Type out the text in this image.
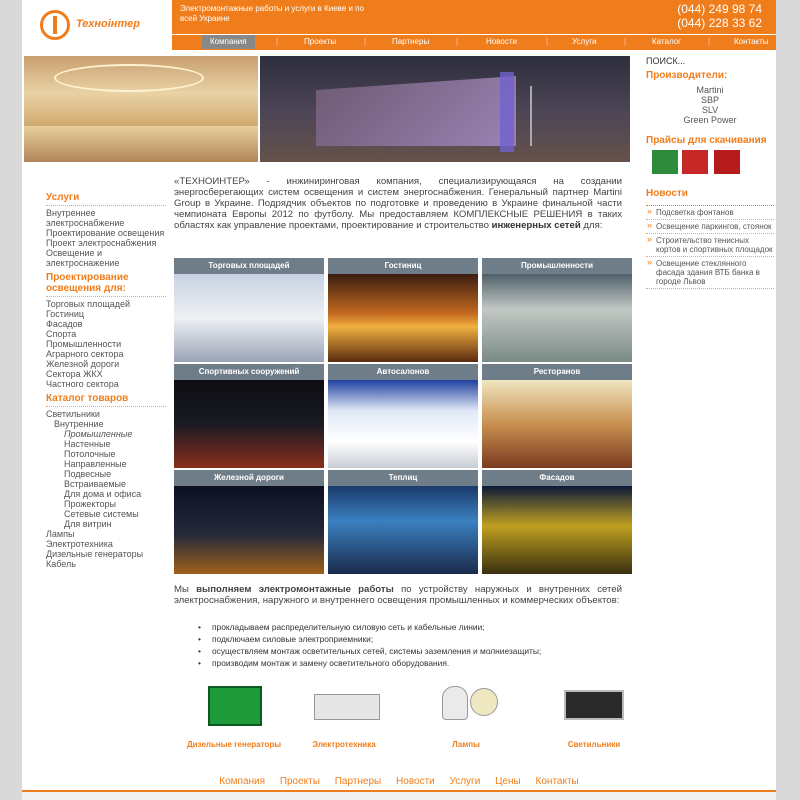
Техноінтер
Электромонтажные работы и услуги в Киеве и по всей Украине
(044) 249 98 74
(044) 228 33 62
Компания	|	Проекты	|	Партнеры	|	Новости	|	Услуги	|	Каталог	|	Контакты
ПОИСК...
Производители:
Martini
SBP
SLV
Green Power
Прайсы для скачивания
Новости
» Подсветка фонтанов
» Освещение паркингов, стоянок
» Строительство тенисных кортов и спортивных площадок
» Освещение стеклянного фасада здания ВТБ банка в городе Львов
Услуги
Внутреннее электроснабжение
Проектирование освещения
Проект электроснабжения
Освещение и электроснажение
Проектирование освещения для:
Торговых площадей
Гостиниц
Фасадов
Спорта
Промышленности
Аграрного сектора
Железной дороги
Сектора ЖКХ
Частного сектора
Каталог товаров
Светильники
Внутренние
Промышленные
Настенные
Потолочные
Направленные
Подвесные
Встраиваемые
Для дома и офиса
Прожекторы
Сетевые системы
Для витрин
Лампы
Электротехника
Дизельные генераторы
Кабель

«ТЕХНОИНТЕР» - инжиниринговая компания, специализирующаяся на создании энергосберегающих систем освещения и систем энергоснабжения. Генеральный партнер Martini Group в Украине. Подрядчик объектов по подготовке и проведению в Украине финальной части чемпионата Европы 2012 по футболу. Мы предоставляем КОМПЛЕКСНЫЕ РЕШЕНИЯ в таких областях как управление проектами, проектирование и строительство инженерных сетей для:

Торговых площадей	Гостиниц	Промышленности
Спортивных сооружений	Автосалонов	Ресторанов
Железной дороги	Теплиц	Фасадов
Мы выполняем электромонтажные работы по устройству наружных и внутренних сетей электроснабжения, наружного и внутреннего освещения промышленных и коммерческих объектов:
• прокладываем распределительную силовую сеть и кабельные линии;
• подключаем силовые электроприемники;
• осуществляем монтаж осветительных сетей, системы заземления и молниезащиты;
• производим монтаж и замену осветительного оборудования.
Дизельные генераторы	Электротехника	Лампы	Светильники
Компания Проекты Партнеры Новости Услуги Цены Контакты
